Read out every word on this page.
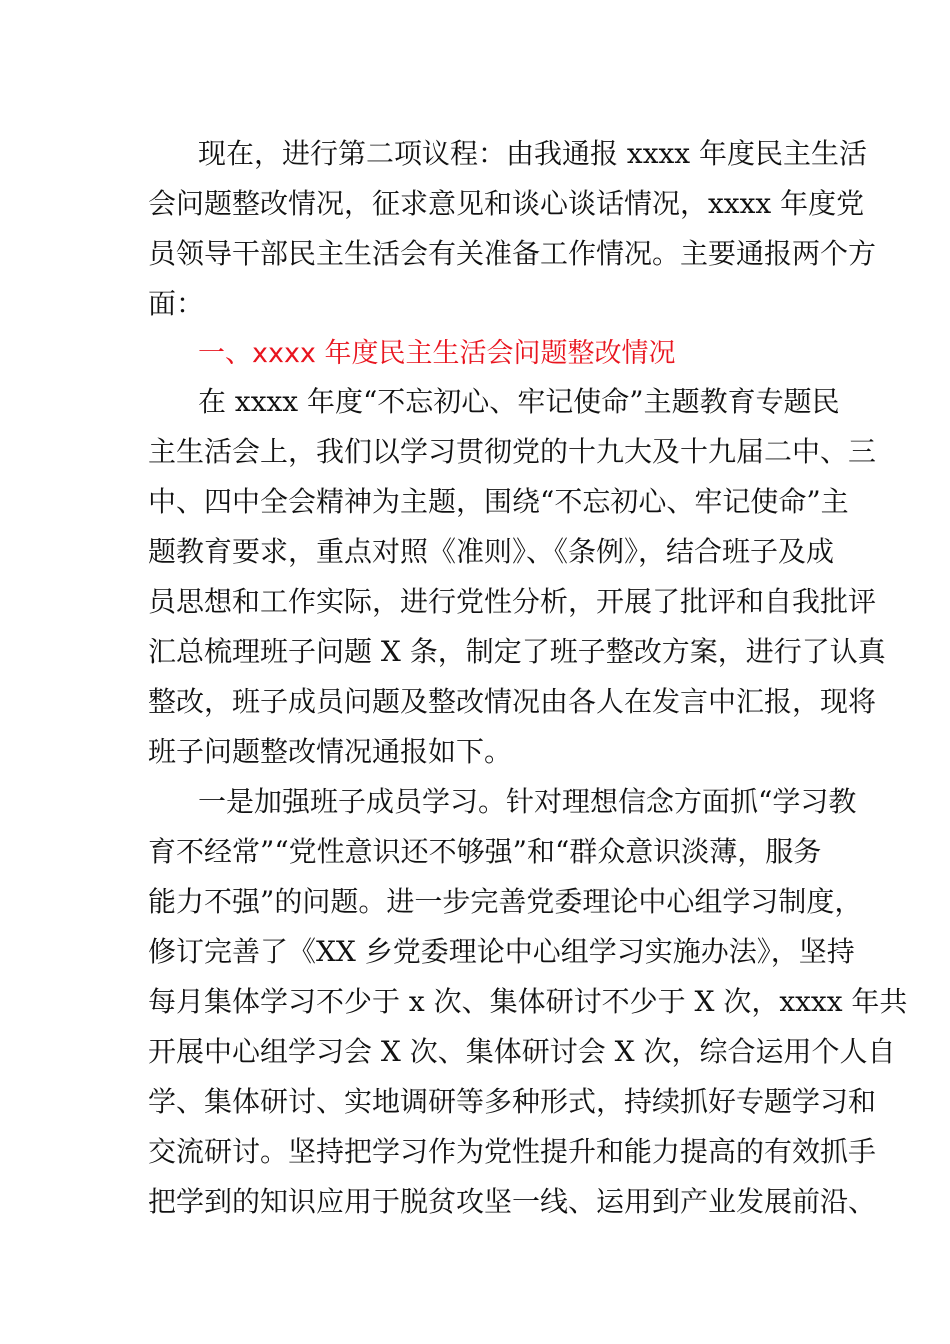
现在，进行第二项议程：由我通报 xxxx 年度民主生活
会问题整改情况，征求意见和谈心谈话情况，xxxx 年度党
员领导干部民主生活会有关准备工作情况。主要通报两个方
面：
一、xxxx 年度民主生活会问题整改情况
在 xxxx 年度“不忘初心、牢记使命”主题教育专题民
主生活会上，我们以学习贯彻党的十九大及十九届二中、三
中、四中全会精神为主题，围绕“不忘初心、牢记使命”主
题教育要求，重点对照《准则》、《条例》，结合班子及成
员思想和工作实际，进行党性分析，开展了批评和自我批评
汇总梳理班子问题 X 条，制定了班子整改方案，进行了认真
整改，班子成员问题及整改情况由各人在发言中汇报，现将
班子问题整改情况通报如下。
一是加强班子成员学习。针对理想信念方面抓“学习教
育不经常”“党性意识还不够强”和“群众意识淡薄，服务
能力不强”的问题。进一步完善党委理论中心组学习制度，
修订完善了《XX 乡党委理论中心组学习实施办法》，坚持
每月集体学习不少于 x 次、集体研讨不少于 X 次，xxxx 年共
开展中心组学习会 X 次、集体研讨会 X 次，综合运用个人自
学、集体研讨、实地调研等多种形式，持续抓好专题学习和
交流研讨。坚持把学习作为党性提升和能力提高的有效抓手
把学到的知识应用于脱贫攻坚一线、运用到产业发展前沿、
